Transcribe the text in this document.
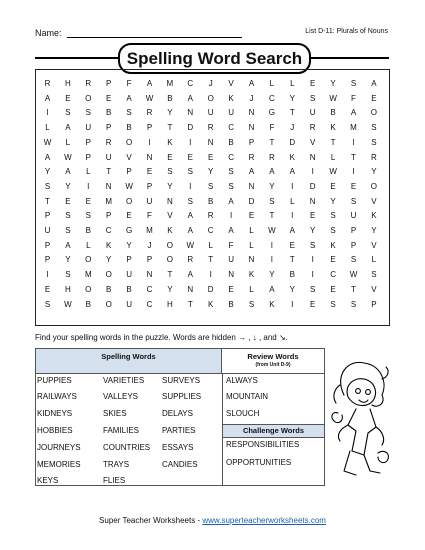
Name:	List D-11: Plurals of Nouns
Spelling Word Search
R	H	R	P	F	A	M	C	J	V	A	L	L	E	Y	S	A
A	E	O	E	A	W	B	A	O	K	J	C	Y	S	W	F	E
I	S	S	B	S	R	Y	N	U	U	N	G	T	U	B	A	O
L	A	U	P	B	P	T	D	R	C	N	F	J	R	K	M	S
W	L	P	R	O	I	K	I	N	B	P	T	D	V	T	I	S
A	W	P	U	V	N	E	E	E	C	R	R	K	N	L	T	R
Y	A	L	T	P	E	S	S	Y	S	A	A	A	I	W	I	Y
S	Y	I	N	W	P	Y	I	S	S	N	Y	I	D	E	E	O
T	E	E	M	O	U	N	S	B	A	D	S	L	N	Y	S	V
P	S	S	P	E	F	V	A	R	I	E	T	I	E	S	U	K
U	S	B	C	G	M	K	A	C	A	L	W	A	Y	S	P	Y
P	A	L	K	Y	J	O	W	L	F	L	I	E	S	K	P	V
P	Y	O	Y	P	P	O	R	T	U	N	I	T	I	E	S	L
I	S	M	O	U	N	T	A	I	N	K	Y	B	I	C	W	S
E	H	O	B	B	C	Y	N	D	E	L	A	Y	S	E	T	V
S	W	B	O	U	C	H	T	K	B	S	K	I	E	S	S	P
Find your spelling words in the puzzle. Words are hidden → , ↓ , and ↘.
Spelling Words	Review Words
(from Unit D-9)
Challenge Words
PUPPIES	VARIETIES SURVEYS
RAILWAYS	VALLEYS	SUPPLIES
KIDNEYS	SKIES	DELAYS
HOBBIES	FAMILIES	PARTIES
JOURNEYS	COUNTRIES ESSAYS
MEMORIES	TRAYS	CANDIES
KEYS	FLIES
ALWAYS
MOUNTAIN
SLOUCH
RESPONSIBILITIES
OPPORTUNITIES
Super Teacher Worksheets - www.superteacherworksheets.com
